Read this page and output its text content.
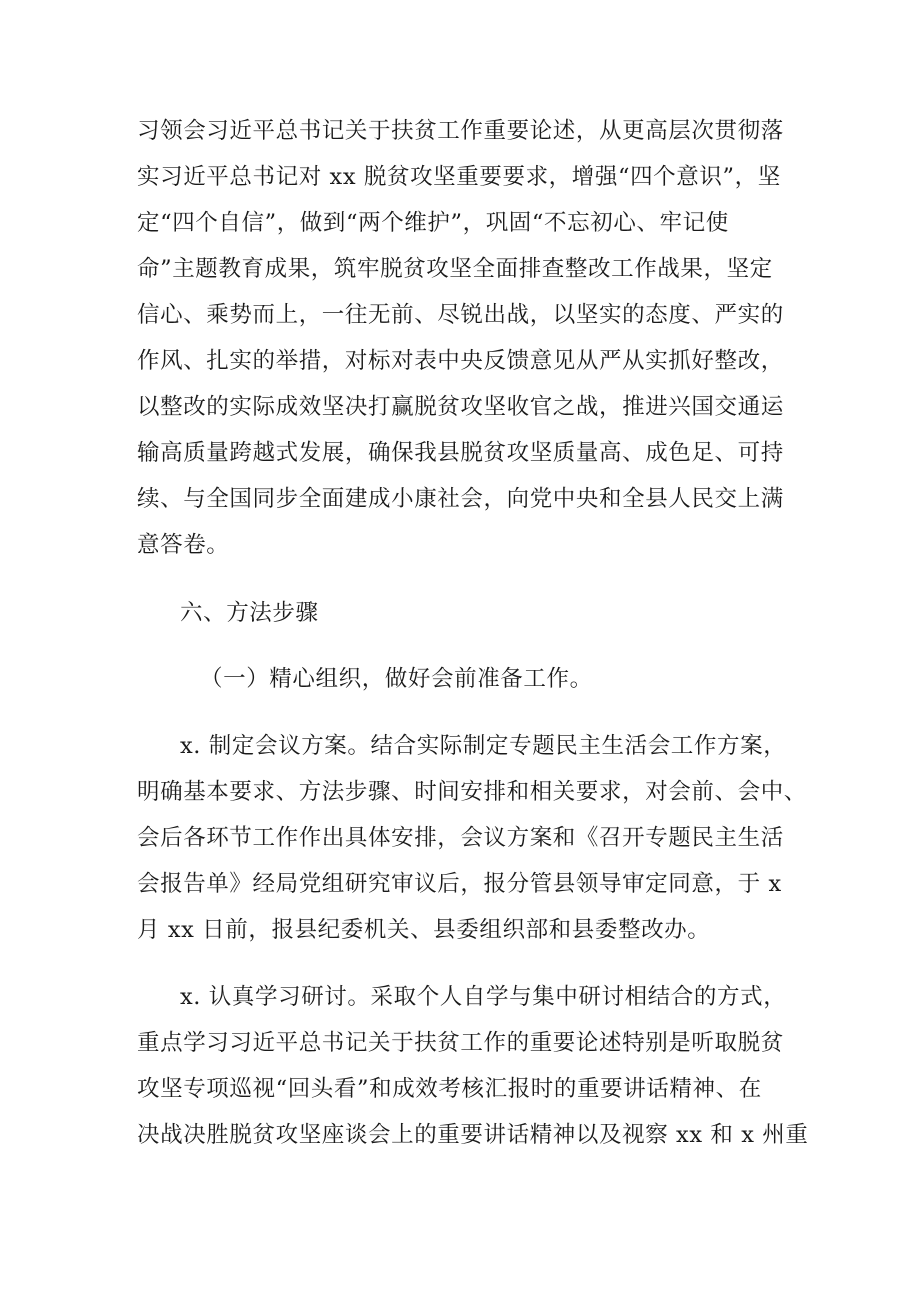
习领会习近平总书记关于扶贫工作重要论述，从更高层次贯彻落
实习近平总书记对 xx 脱贫攻坚重要要求，增强“四个意识”，坚
定“四个自信”，做到“两个维护”，巩固“不忘初心、牢记使
命”主题教育成果，筑牢脱贫攻坚全面排查整改工作战果，坚定
信心、乘势而上，一往无前、尽锐出战，以坚实的态度、严实的
作风、扎实的举措，对标对表中央反馈意见从严从实抓好整改，
以整改的实际成效坚决打赢脱贫攻坚收官之战，推进兴国交通运
输高质量跨越式发展，确保我县脱贫攻坚质量高、成色足、可持
续、与全国同步全面建成小康社会，向党中央和全县人民交上满
意答卷。
六、方法步骤
（一）精心组织，做好会前准备工作。
x. 制定会议方案。结合实际制定专题民主生活会工作方案，
明确基本要求、方法步骤、时间安排和相关要求，对会前、会中、
会后各环节工作作出具体安排，会议方案和《召开专题民主生活
会报告单》经局党组研究审议后，报分管县领导审定同意，于 x
月 xx 日前，报县纪委机关、县委组织部和县委整改办。
x. 认真学习研讨。采取个人自学与集中研讨相结合的方式，
重点学习习近平总书记关于扶贫工作的重要论述特别是听取脱贫
攻坚专项巡视“回头看”和成效考核汇报时的重要讲话精神、在
决战决胜脱贫攻坚座谈会上的重要讲话精神以及视察 xx 和 x 州重
